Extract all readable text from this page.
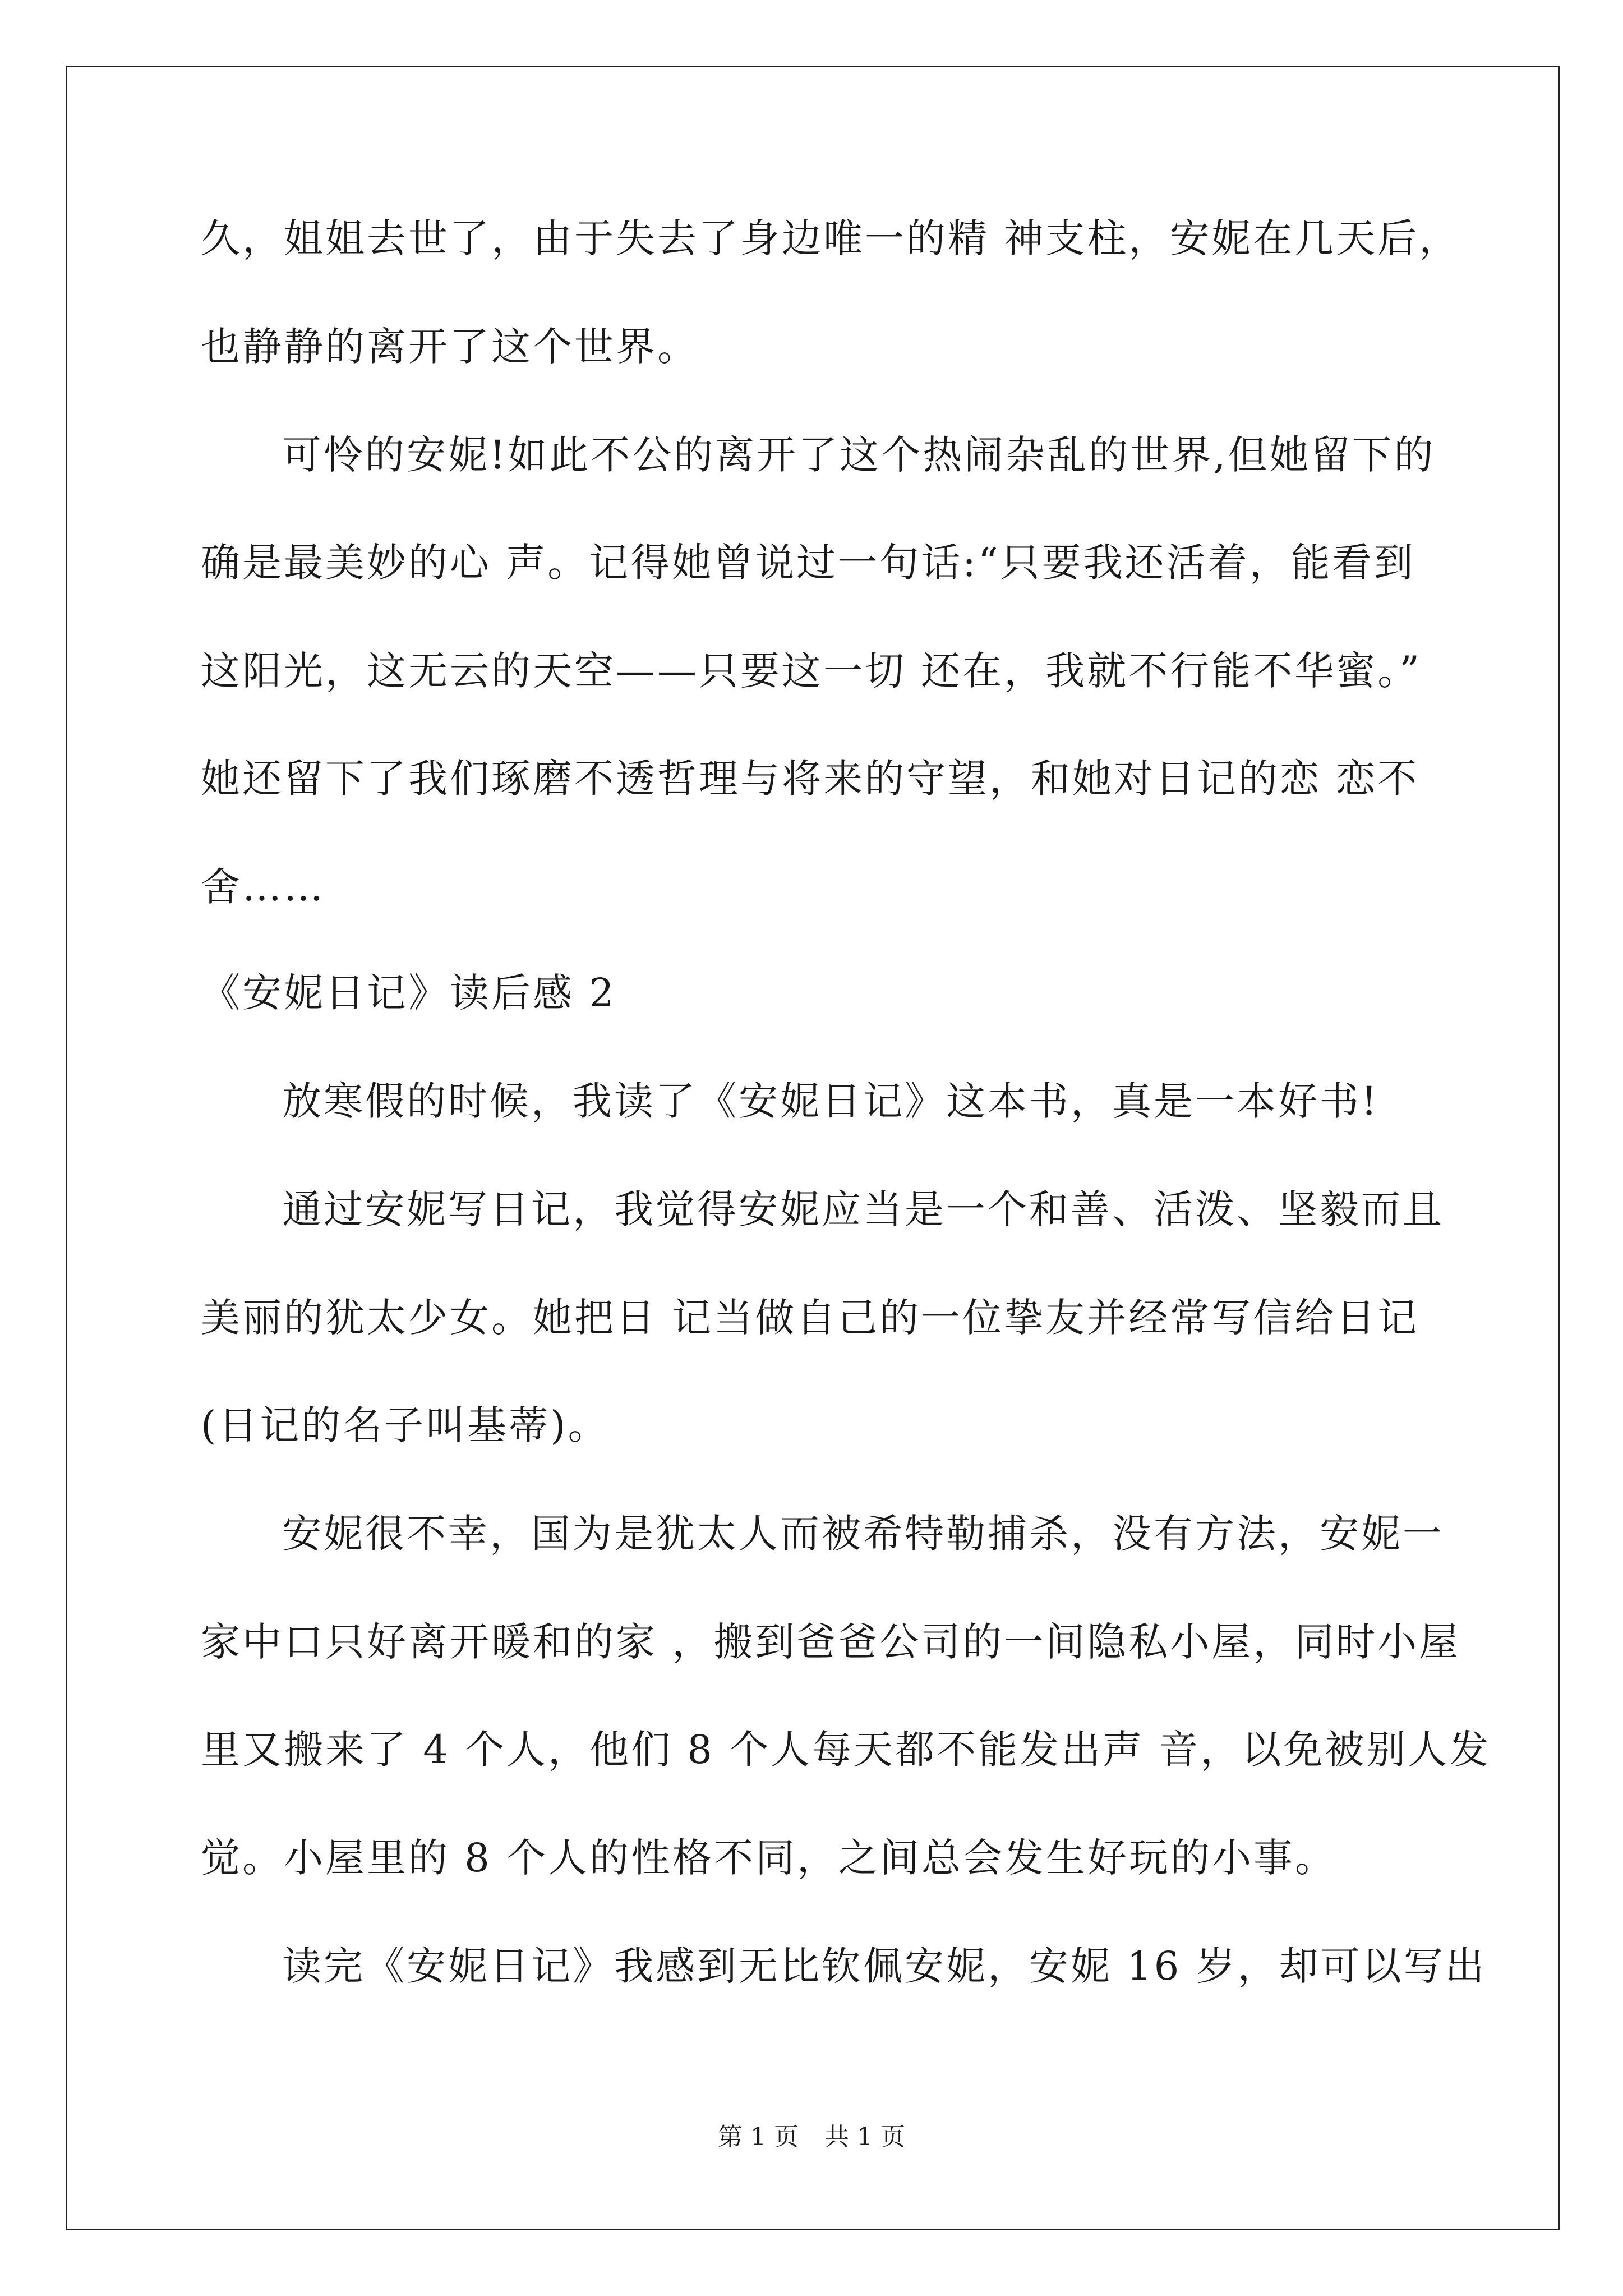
久，姐姐去世了，由于失去了身边唯一的精 神支柱，安妮在几天后，
也静静的离开了这个世界。
可怜的安妮!如此不公的离开了这个热闹杂乱的世界,但她留下的
确是最美妙的心 声。记得她曾说过一句话:“只要我还活着，能看到
这阳光，这无云的天空——只要这一切 还在，我就不行能不华蜜。”
她还留下了我们琢磨不透哲理与将来的守望，和她对日记的恋 恋不
舍……
《安妮日记》读后感 2
放寒假的时候，我读了《安妮日记》这本书，真是一本好书!
通过安妮写日记，我觉得安妮应当是一个和善、活泼、坚毅而且
美丽的犹太少女。她把日 记当做自己的一位挚友并经常写信给日记
(日记的名子叫基蒂)。
安妮很不幸，国为是犹太人而被希特勒捕杀，没有方法，安妮一
家中口只好离开暖和的家 ，搬到爸爸公司的一间隐私小屋，同时小屋
里又搬来了 4 个人，他们 8 个人每天都不能发出声 音，以免被别人发
觉。小屋里的 8 个人的性格不同，之间总会发生好玩的小事。
读完《安妮日记》我感到无比钦佩安妮，安妮 16 岁，却可以写出
第 1 页 共 1 页
